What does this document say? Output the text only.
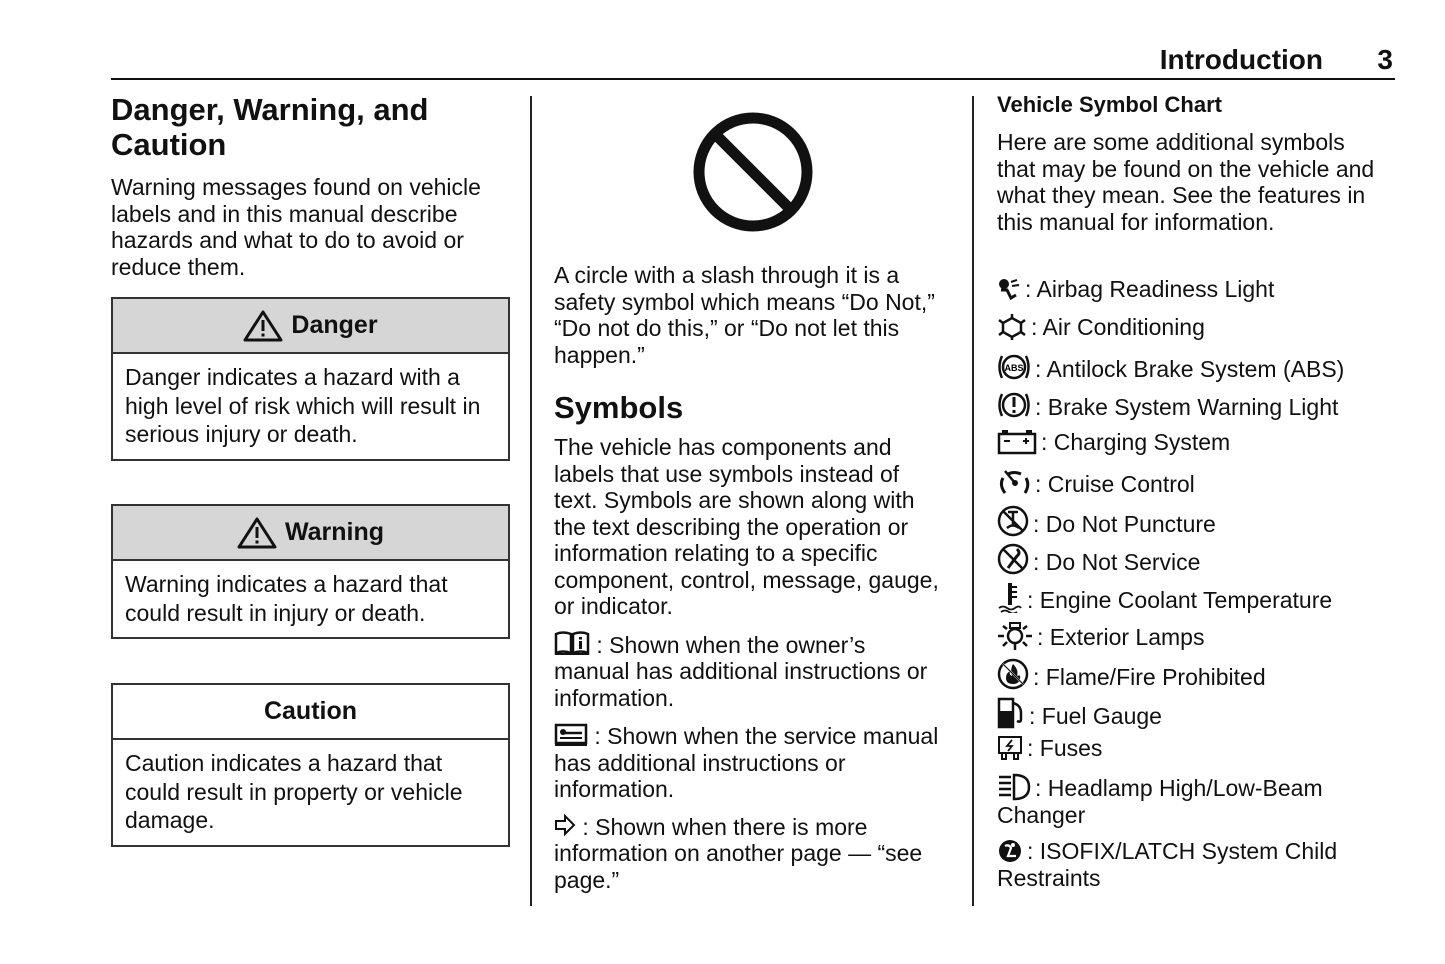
Introduction 3
Danger, Warning, and Caution

Warning messages found on vehicle labels and in this manual describe hazards and what to do to avoid or reduce them.

Danger
Danger indicates a hazard with a high level of risk which will result in serious injury or death.
Warning
Warning indicates a hazard that could result in injury or death.
Caution
Caution indicates a hazard that could result in property or vehicle damage.

A circle with a slash through it is a safety symbol which means “Do Not,” “Do not do this,” or “Do not let this happen.”

Symbols

The vehicle has components and labels that use symbols instead of text. Symbols are shown along with the text describing the operation or information relating to a specific component, control, message, gauge, or indicator.

: Shown when the owner’s manual has additional instructions or information.

: Shown when the service manual has additional instructions or information.

: Shown when there is more information on another page — “see page.”

Vehicle Symbol Chart

Here are some additional symbols that may be found on the vehicle and what they mean. See the features in this manual for information.

: Airbag Readiness Light
: Air Conditioning
ABS : Antilock Brake System (ABS)
: Brake System Warning Light
: Charging System
: Cruise Control
: Do Not Puncture
: Do Not Service
: Engine Coolant Temperature
: Exterior Lamps
: Flame/Fire Prohibited
: Fuel Gauge
: Fuses
: Headlamp High/Low-Beam
Changer
: ISOFIX/LATCH System Child
Restraints
